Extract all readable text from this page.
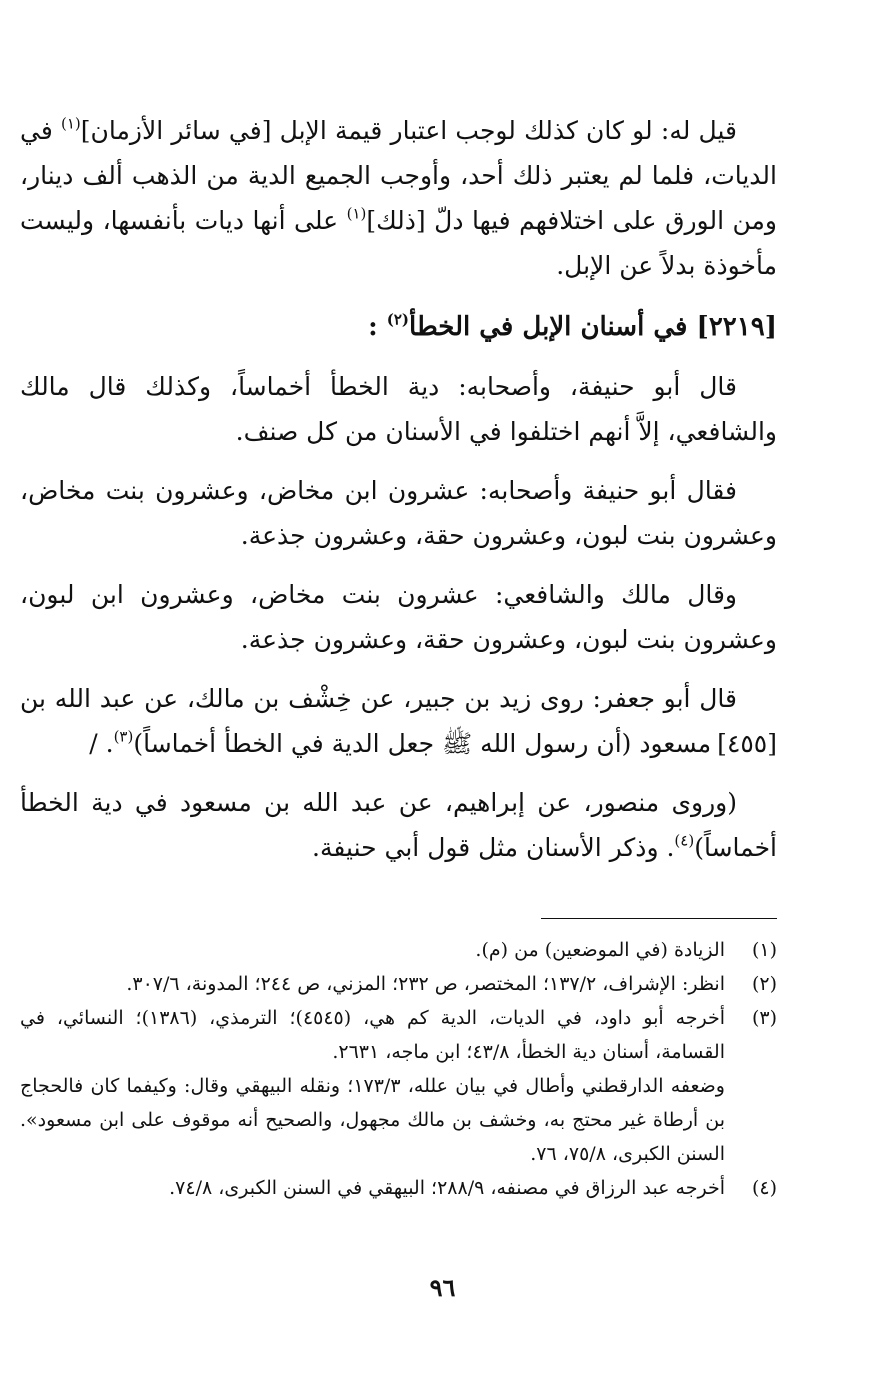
قيل له: لو كان كذلك لوجب اعتبار قيمة الإبل [في سائر الأزمان]$^{(١)}$ في الديات، فلما لم يعتبر ذلك أحد، وأوجب الجميع الدية من الذهب ألف دينار، ومن الورق على اختلافهم فيها دلّ [ذلك]$^{(١)}$ على أنها ديات بأنفسها، وليست مأخوذة بدلاً عن الإبل.

[٢٢١٩] في أسنان الإبل في الخطأ$^{(٢)}$ :

قال أبو حنيفة، وأصحابه: دية الخطأ أخماساً، وكذلك قال مالك والشافعي، إلاَّ أنهم اختلفوا في الأسنان من كل صنف.

فقال أبو حنيفة وأصحابه: عشرون ابن مخاض، وعشرون بنت مخاض، وعشرون بنت لبون، وعشرون حقة، وعشرون جذعة.

وقال مالك والشافعي: عشرون بنت مخاض، وعشرون ابن لبون، وعشرون بنت لبون، وعشرون حقة، وعشرون جذعة.

قال أبو جعفر: روى زيد بن جبير، عن خِشْف بن مالك، عن عبد الله بن [٤٥٥]مسعود (أن رسول الله ﷺ جعل الدية في الخطأ أخماساً)$^{(٣)}$. /

(وروى منصور، عن إبراهيم، عن عبد الله بن مسعود في دية الخطأ أخماساً)$^{(٤)}$. وذكر الأسنان مثل قول أبي حنيفة.

(١)
الزيادة (في الموضعين) من (م).
(٢)
انظر: الإشراف، ١٣٧/٢؛ المختصر، ص ٢٣٢؛ المزني، ص ٢٤٤؛ المدونة، ٣٠٧/٦.
(٣)
أخرجه أبو داود، في الديات، الدية كم هي، (٤٥٤٥)؛ الترمذي، (١٣٨٦)؛ النسائي، في القسامة، أسنان دية الخطأ، ٤٣/٨؛ ابن ماجه، ٢٦٣١.
وضعفه الدارقطني وأطال في بيان علله، ١٧٣/٣؛ ونقله البيهقي وقال: وكيفما كان فالحجاج بن أرطاة غير محتج به، وخشف بن مالك مجهول، والصحيح أنه موقوف على ابن مسعود». السنن الكبرى، ٧٥/٨، ٧٦.
(٤)
أخرجه عبد الرزاق في مصنفه، ٢٨٨/٩؛ البيهقي في السنن الكبرى، ٧٤/٨.
٩٦
